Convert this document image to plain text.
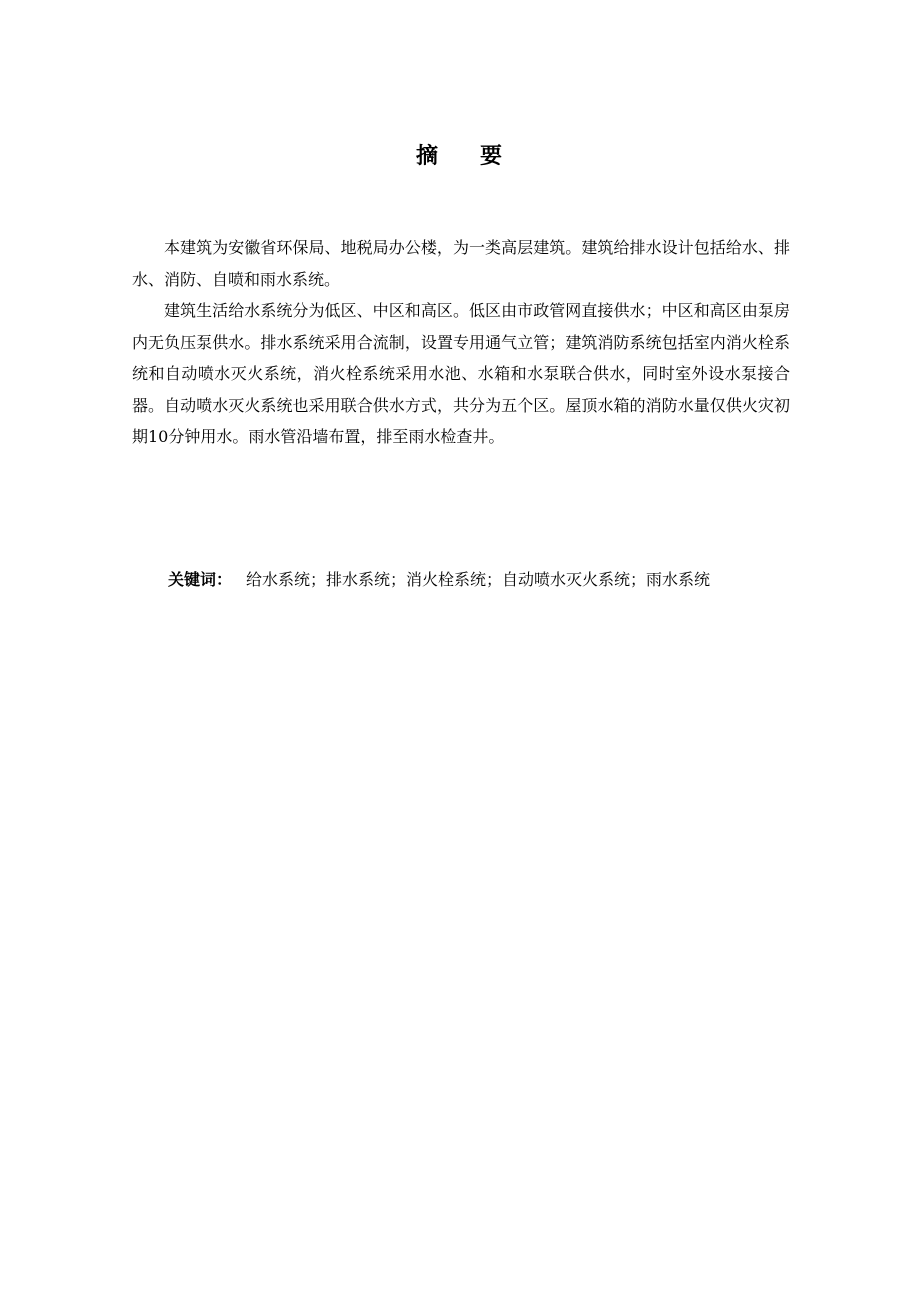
摘 要

本建筑为安徽省环保局、地税局办公楼，为一类高层建筑。建筑给排水设计包括给水、排水、消防、自喷和雨水系统。

建筑生活给水系统分为低区、中区和高区。低区由市政管网直接供水；中区和高区由泵房内无负压泵供水。排水系统采用合流制，设置专用通气立管；建筑消防系统包括室内消火栓系统和自动喷水灭火系统，消火栓系统采用水池、水箱和水泵联合供水，同时室外设水泵接合器。自动喷水灭火系统也采用联合供水方式，共分为五个区。屋顶水箱的消防水量仅供火灾初期10分钟用水。雨水管沿墙布置，排至雨水检查井。

关键词： 给水系统；排水系统；消火栓系统；自动喷水灭火系统；雨水系统
